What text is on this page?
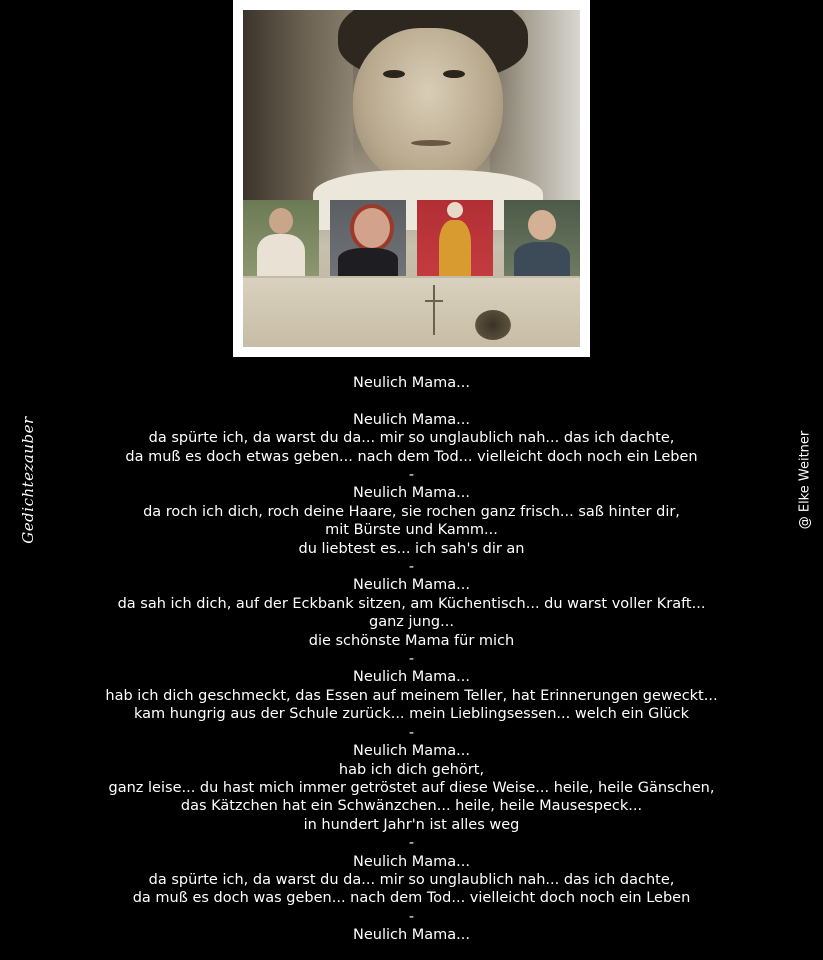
Gedichtezauber	@ Elke Weitner
Neulich Mama...
Neulich Mama...
da spürte ich, da warst du da... mir so unglaublich nah... das ich dachte,
da muß es doch etwas geben... nach dem Tod... vielleicht doch noch ein Leben
-
Neulich Mama...
da roch ich dich, roch deine Haare, sie rochen ganz frisch... saß hinter dir,
mit Bürste und Kamm...
du liebtest es... ich sah's dir an
-
Neulich Mama...
da sah ich dich, auf der Eckbank sitzen, am Küchentisch... du warst voller Kraft...
ganz jung...
die schönste Mama für mich
-
Neulich Mama...
hab ich dich geschmeckt, das Essen auf meinem Teller, hat Erinnerungen geweckt...
kam hungrig aus der Schule zurück... mein Lieblingsessen... welch ein Glück
-
Neulich Mama...
hab ich dich gehört,
ganz leise... du hast mich immer getröstet auf diese Weise... heile, heile Gänschen,
das Kätzchen hat ein Schwänzchen... heile, heile Mausespeck...
in hundert Jahr'n ist alles weg
-
Neulich Mama...
da spürte ich, da warst du da... mir so unglaublich nah... das ich dachte,
da muß es doch was geben... nach dem Tod... vielleicht doch noch ein Leben
-
Neulich Mama...
